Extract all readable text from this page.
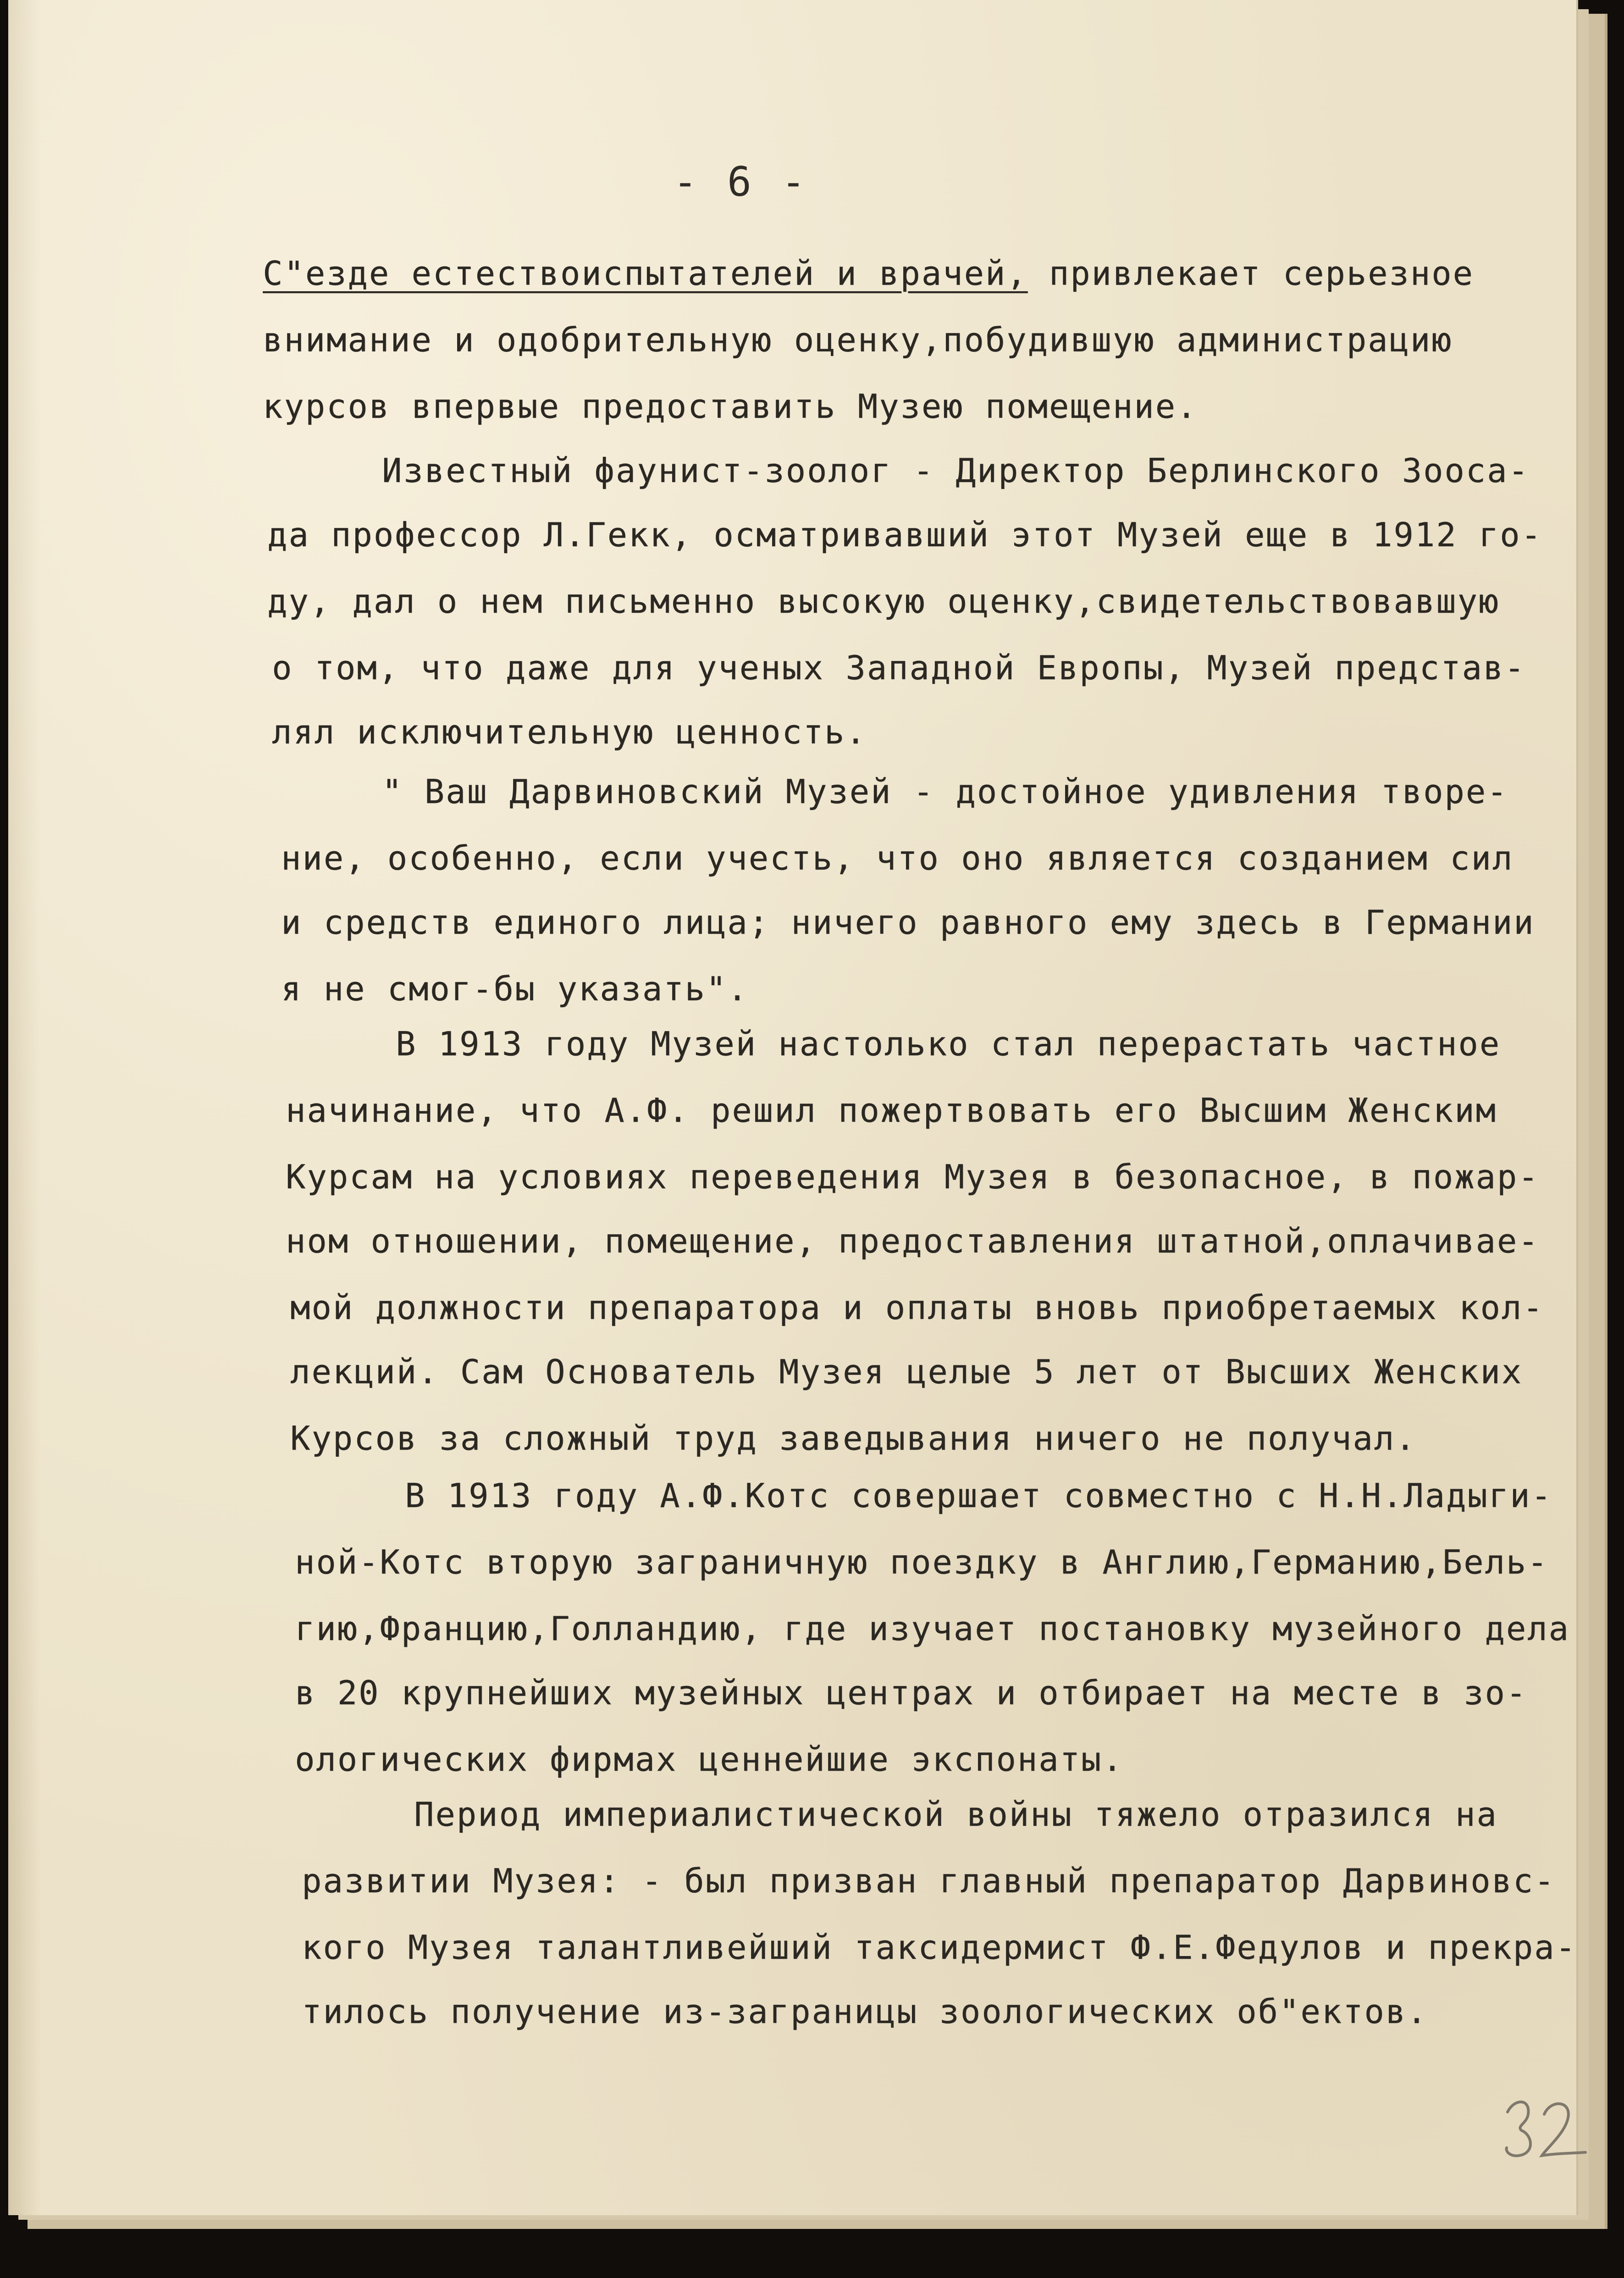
- 6 -
С"езде естествоиспытателей и врачей, привлекает серьезное
внимание и одобрительную оценку,побудившую администрацию
курсов впервые предоставить Музею помещение.
Известный фаунист-зоолог - Директор Берлинского Зооса-
да профессор Л.Гекк, осматривавший этот Музей еще в 1912 го-
ду, дал о нем письменно высокую оценку,свидетельствовавшую
о том, что даже для ученых Западной Европы, Музей представ-
лял исключительную ценность.
" Ваш Дарвиновский Музей - достойное удивления творе-
ние, особенно, если учесть, что оно является созданием сил
и средств единого лица; ничего равного ему здесь в Германии
я не смог-бы указать".
В 1913 году Музей настолько стал перерастать частное
начинание, что А.Ф. решил пожертвовать его Высшим Женским
Курсам на условиях переведения Музея в безопасное, в пожар-
ном отношении, помещение, предоставления штатной,оплачивае-
мой должности препаратора и оплаты вновь приобретаемых кол-
лекций. Сам Основатель Музея целые 5 лет от Высших Женских
Курсов за сложный труд заведывания ничего не получал.
В 1913 году А.Ф.Котс совершает совместно с Н.Н.Ладыги-
ной-Котс вторую заграничную поездку в Англию,Германию,Бель-
гию,Францию,Голландию, где изучает постановку музейного дела
в 20 крупнейших музейных центрах и отбирает на месте в зо-
ологических фирмах ценнейшие экспонаты.
Период империалистической войны тяжело отразился на
развитии Музея: - был призван главный препаратор Дарвиновс-
кого Музея талантливейший таксидермист Ф.Е.Федулов и прекра-
тилось получение из-заграницы зоологических об"ектов.
